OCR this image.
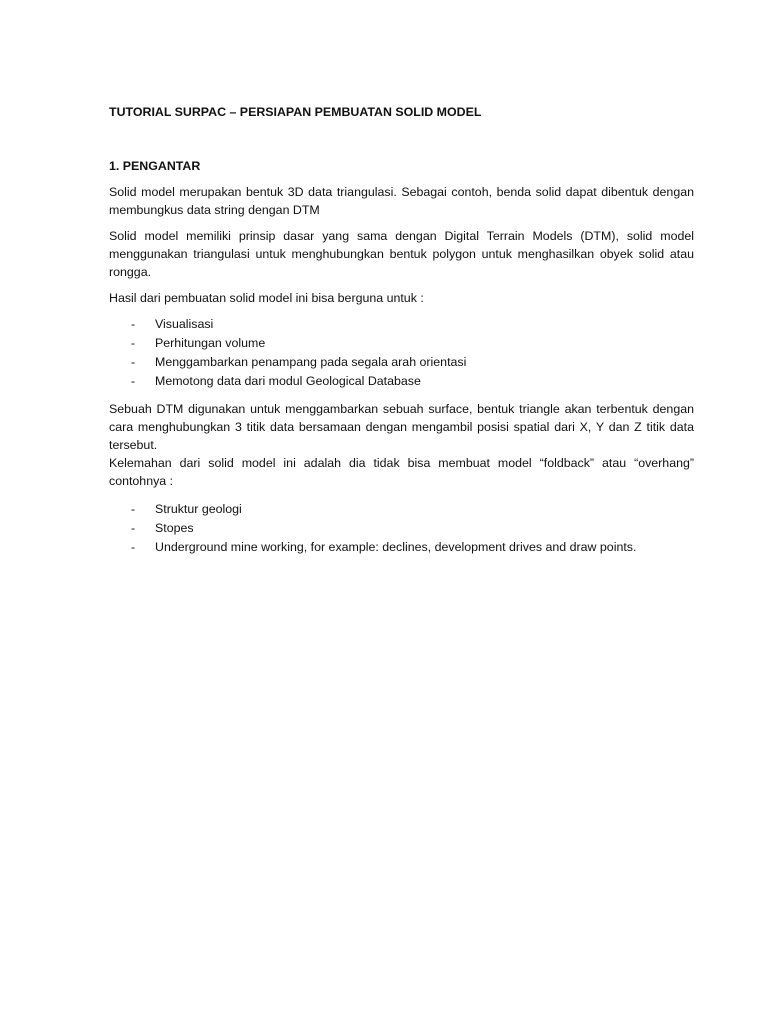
TUTORIAL SURPAC – PERSIAPAN PEMBUATAN SOLID MODEL

1. PENGANTAR

Solid model merupakan bentuk 3D data triangulasi. Sebagai contoh, benda solid dapat dibentuk dengan membungkus data string dengan DTM

Solid model memiliki prinsip dasar yang sama dengan Digital Terrain Models (DTM), solid model menggunakan triangulasi untuk menghubungkan bentuk polygon untuk menghasilkan obyek solid atau rongga.

Hasil dari pembuatan solid model ini bisa berguna untuk :

- Visualisasi
- Perhitungan volume
- Menggambarkan penampang pada segala arah orientasi
- Memotong data dari modul Geological Database

Sebuah DTM digunakan untuk menggambarkan sebuah surface, bentuk triangle akan terbentuk dengan cara menghubungkan 3 titik data bersamaan dengan mengambil posisi spatial dari X, Y dan Z titik data tersebut.

Kelemahan dari solid model ini adalah dia tidak bisa membuat model “foldback” atau “overhang” contohnya :

- Struktur geologi
- Stopes
- Underground mine working, for example: declines, development drives and draw points.
